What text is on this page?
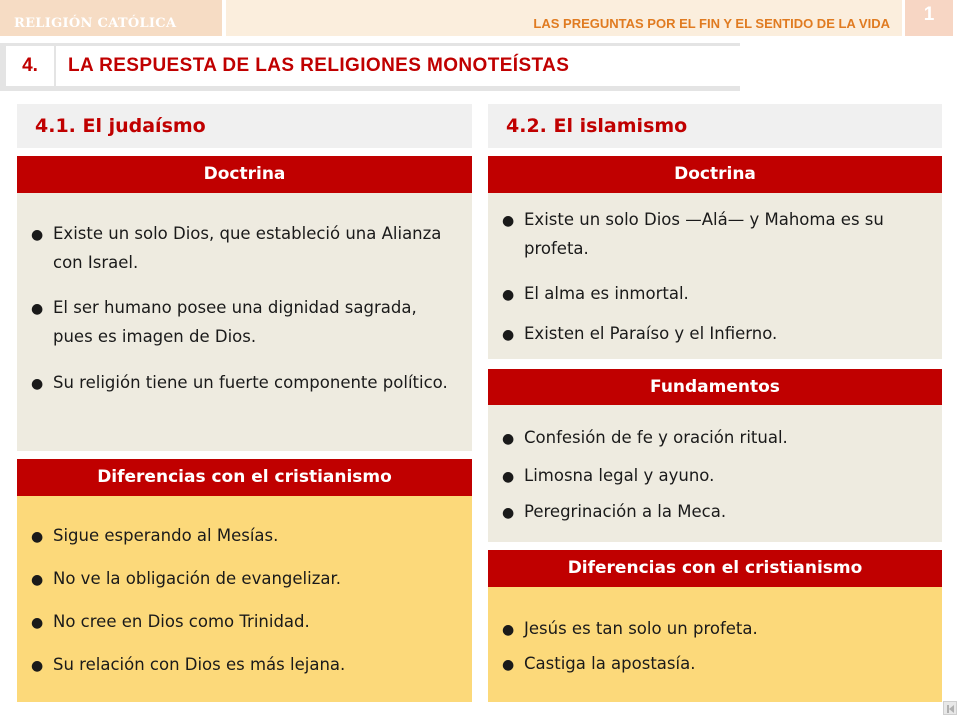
RELIGIÓN CATÓLICA	LAS PREGUNTAS POR EL FIN Y EL SENTIDO DE LA VIDA	1
4.	LA RESPUESTA DE LAS RELIGIONES MONOTEÍSTAS
4.1. El judaísmo	4.2. El islamismo
Doctrina
● Existe un solo Dios, que estableció una Alianza con Israel.
● El ser humano posee una dignidad sagrada, pues es imagen de Dios.
● Su religión tiene un fuerte componente político.
Diferencias con el cristianismo
● Sigue esperando al Mesías.
● No ve la obligación de evangelizar.
● No cree en Dios como Trinidad.
● Su relación con Dios es más lejana.
Doctrina
● Existe un solo Dios —Alá— y Mahoma es su profeta.
● El alma es inmortal.
● Existen el Paraíso y el Infierno.
Fundamentos
● Confesión de fe y oración ritual.
● Limosna legal y ayuno.
● Peregrinación a la Meca.
Diferencias con el cristianismo
● Jesús es tan solo un profeta.
● Castiga la apostasía.
